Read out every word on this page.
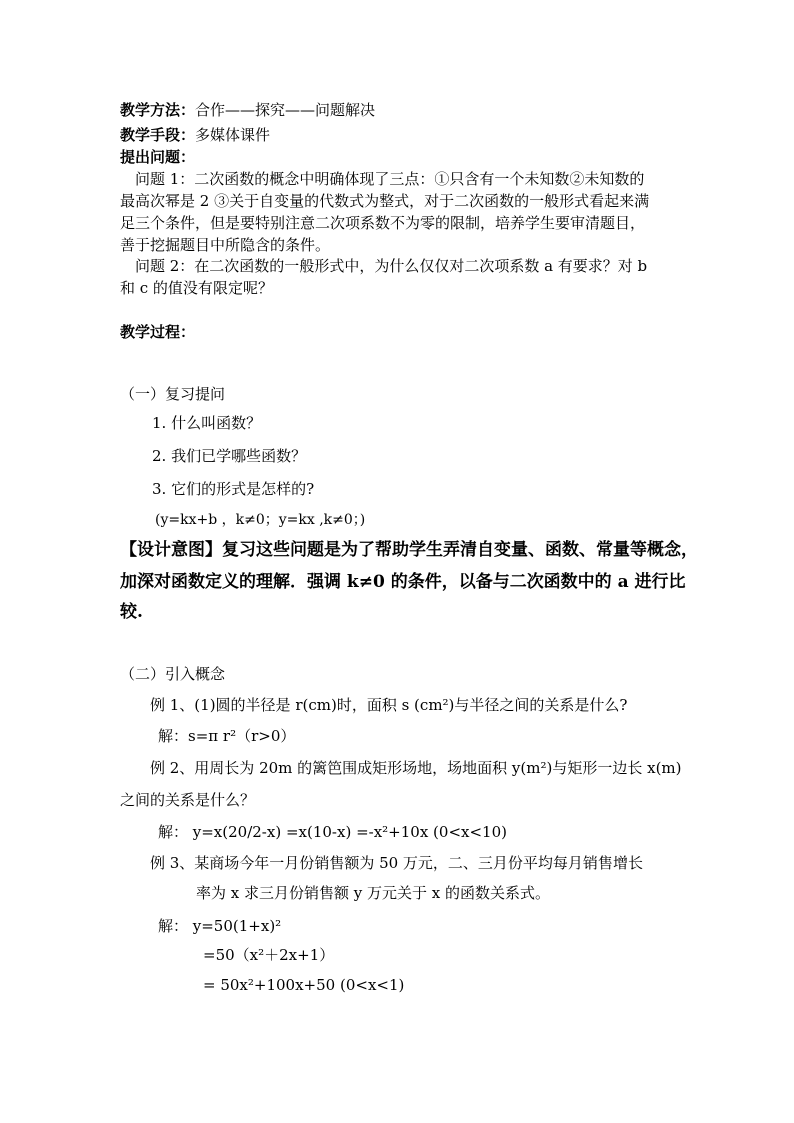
教学方法：合作——探究——问题解决
教学手段：多媒体课件
提出问题：
问题 1：二次函数的概念中明确体现了三点：①只含有一个未知数②未知数的
最高次幂是 2 ③关于自变量的代数式为整式，对于二次函数的一般形式看起来满
足三个条件，但是要特别注意二次项系数不为零的限制，培养学生要审清题目，
善于挖掘题目中所隐含的条件。
问题 2：在二次函数的一般形式中，为什么仅仅对二次项系数 a 有要求？对 b
和 c 的值没有限定呢？
教学过程：
（一）复习提问
1. 什么叫函数？
2. 我们已学哪些函数？
3. 它们的形式是怎样的?
(y=kx+b ，k≠0；y=kx ,k≠0；)
【设计意图】复习这些问题是为了帮助学生弄清自变量、函数、常量等概念，
加深对函数定义的理解．强调 k≠0 的条件，以备与二次函数中的 a 进行比
较.
（二）引入概念
例 1、(1)圆的半径是 r(cm)时，面积 s (cm²)与半径之间的关系是什么?
解：s=π r²（r>0）
例 2、用周长为 20m 的篱笆围成矩形场地，场地面积 y(m²)与矩形一边长 x(m)
之间的关系是什么？
解： y=x(20/2-x) =x(10-x) =-x²+10x (0<x<10)
例 3、某商场今年一月份销售额为 50 万元，二、三月份平均每月销售增长
率为 x 求三月份销售额 y 万元关于 x 的函数关系式。
解： y=50(1+x)²
=50（x²＋2x+1）
= 50x²+100x+50 (0<x<1)
